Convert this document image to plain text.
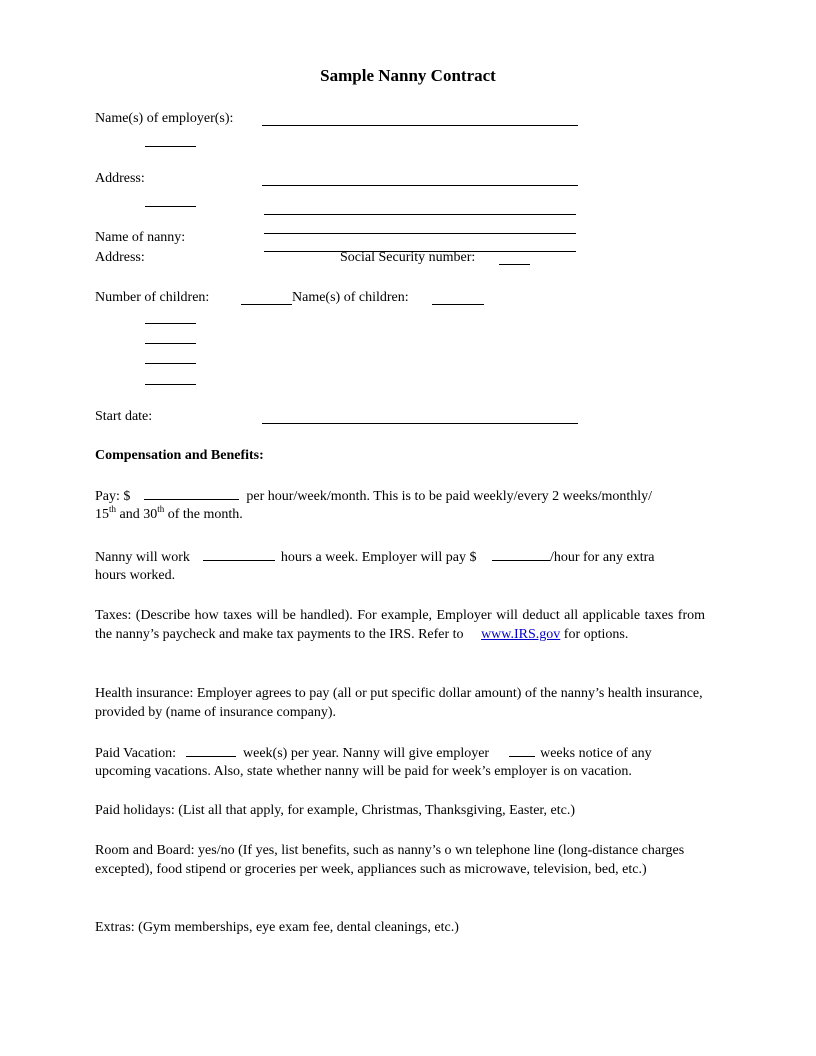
Sample Nanny Contract
Name(s) of employer(s):
Address:
Name of nanny:
Address:	Social Security number:
Number of children:	Name(s) of children:
Start date:
Compensation and Benefits:
Pay: $	per hour/week/month. This is to be paid weekly/every 2 weeks/monthly/
15th and 30th of the month.
Nanny will work	hours a week. Employer will pay $	/hour for any extra
hours worked.
Taxes: (Describe how taxes will be handled). For example, Employer will deduct all applicable taxes from the nanny’s paycheck and make tax payments to the IRS. Refer to www.IRS.gov for options.
Health insurance: Employer agrees to pay (all or put specific dollar amount) of the nanny’s health insurance, provided by (name of insurance company).
Paid Vacation:	week(s) per year. Nanny will give employer	weeks notice of any
upcoming vacations. Also, state whether nanny will be paid for week’s employer is on vacation.
Paid holidays: (List all that apply, for example, Christmas, Thanksgiving, Easter, etc.)
Room and Board: yes/no (If yes, list benefits, such as nanny’s o wn telephone line (long-distance charges excepted), food stipend or groceries per week, appliances such as microwave, television, bed, etc.)
Extras: (Gym memberships, eye exam fee, dental cleanings, etc.)
